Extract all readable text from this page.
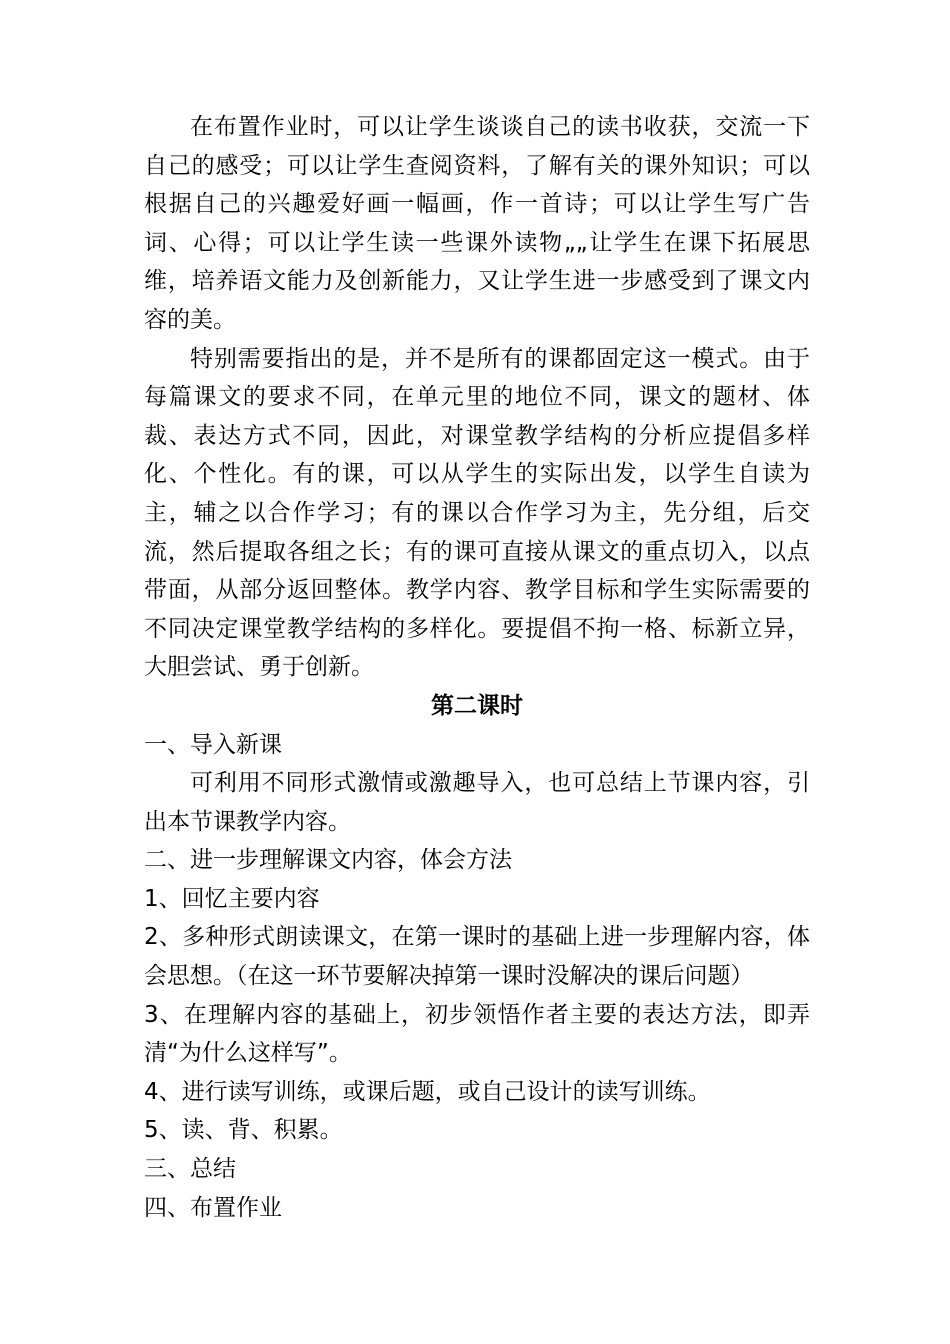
在布置作业时，可以让学生谈谈自己的读书收获，交流一下自己的感受；可以让学生查阅资料，了解有关的课外知识；可以根据自己的兴趣爱好画一幅画，作一首诗；可以让学生写广告词、心得；可以让学生读一些课外读物„„让学生在课下拓展思维，培养语文能力及创新能力，又让学生进一步感受到了课文内容的美。

特别需要指出的是，并不是所有的课都固定这一模式。由于每篇课文的要求不同，在单元里的地位不同，课文的题材、体裁、表达方式不同，因此，对课堂教学结构的分析应提倡多样化、个性化。有的课，可以从学生的实际出发，以学生自读为主，辅之以合作学习；有的课以合作学习为主，先分组，后交流，然后提取各组之长；有的课可直接从课文的重点切入，以点带面，从部分返回整体。教学内容、教学目标和学生实际需要的不同决定课堂教学结构的多样化。要提倡不拘一格、标新立异，大胆尝试、勇于创新。

第二课时

一、导入新课

可利用不同形式激情或激趣导入，也可总结上节课内容，引出本节课教学内容。

二、进一步理解课文内容，体会方法

1、回忆主要内容

2、多种形式朗读课文，在第一课时的基础上进一步理解内容，体会思想。（在这一环节要解决掉第一课时没解决的课后问题）

3、在理解内容的基础上，初步领悟作者主要的表达方法，即弄清“为什么这样写”。

4、进行读写训练，或课后题，或自己设计的读写训练。

5、读、背、积累。

三、总结

四、布置作业
